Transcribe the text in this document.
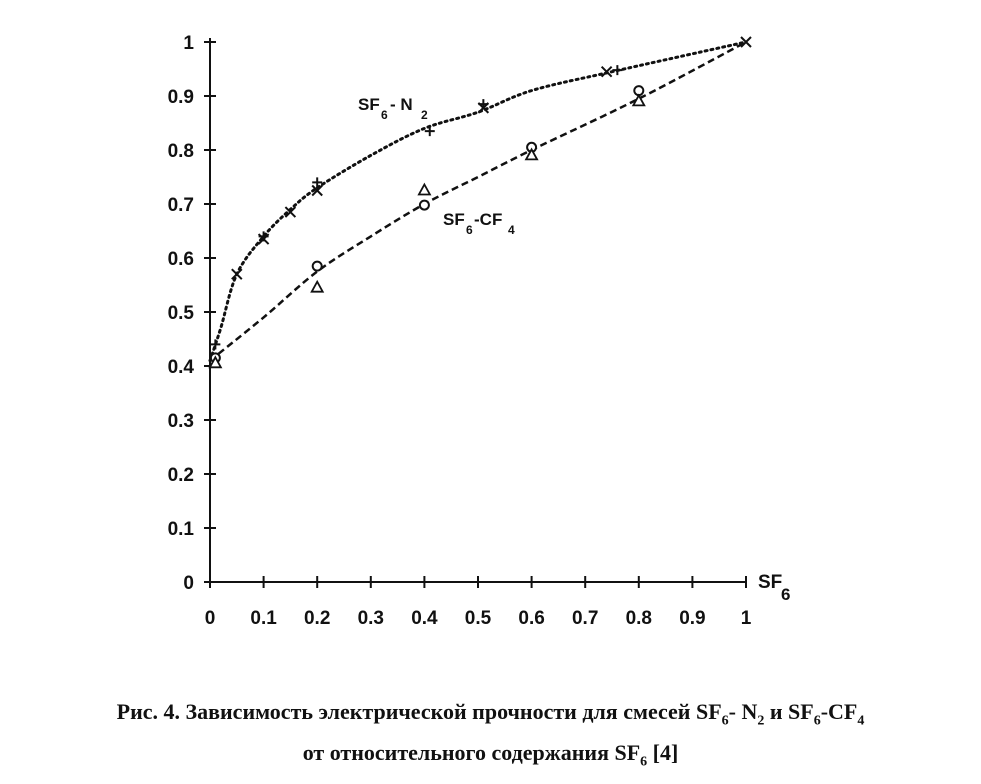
0
0.1
0.2
0.3
0.4
0.5
0.6
0.7
0.8
0.9
1
0 0.1 0.2 0.3 0.4 0.5 0.6 0.7 0.8 0.9 1
SF
6
SF
6
- N
2
SF
6
-CF
4
Рис. 4. Зависимость электрической прочности для смесей $SF_6-$ $N_2$ и $SF_6-CF_4$
от относительного содержания $SF_6$ [4]
